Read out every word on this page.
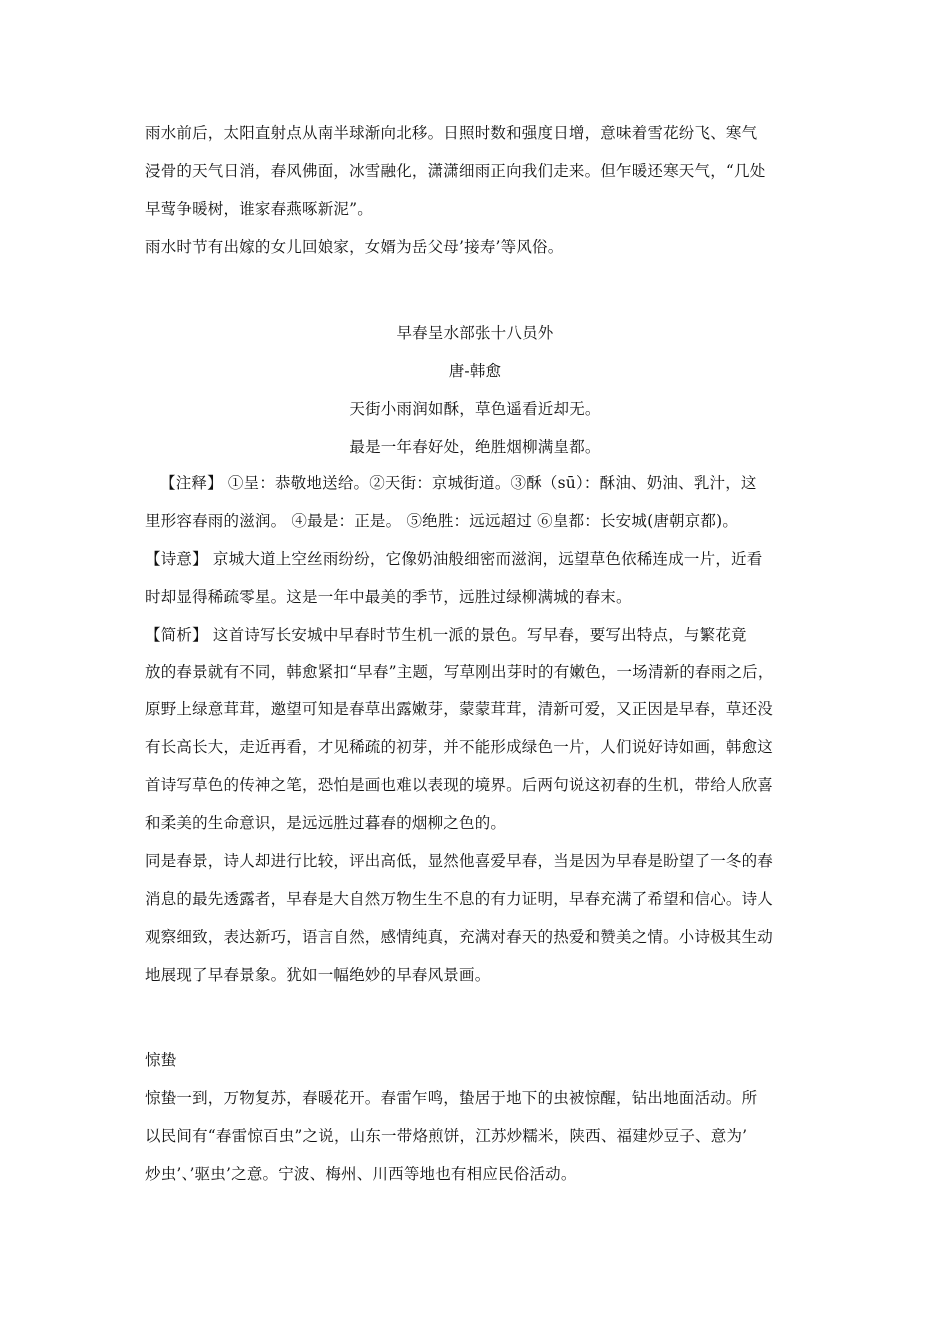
雨水前后，太阳直射点从南半球渐向北移。日照时数和强度日增，意味着雪花纷飞、寒气
浸骨的天气日消，春风佛面，冰雪融化，潇潇细雨正向我们走来。但乍暖还寒天气，“几处
早莺争暖树，谁家春燕啄新泥”。
雨水时节有出嫁的女儿回娘家，女婿为岳父母’接寿’等风俗。
早春呈水部张十八员外
唐-韩愈
天街小雨润如酥，草色遥看近却无。
最是一年春好处，绝胜烟柳满皇都。
【注释】 ①呈：恭敬地送给。②天街：京城街道。③酥（sū）：酥油、奶油、乳汁，这
里形容春雨的滋润。 ④最是：正是。 ⑤绝胜：远远超过 ⑥皇都：长安城(唐朝京都)。
【诗意】 京城大道上空丝雨纷纷，它像奶油般细密而滋润，远望草色依稀连成一片，近看
时却显得稀疏零星。这是一年中最美的季节，远胜过绿柳满城的春末。
【简析】 这首诗写长安城中早春时节生机一派的景色。写早春，要写出特点，与繁花竟
放的春景就有不同，韩愈紧扣“早春”主题，写草刚出芽时的有嫩色，一场清新的春雨之后，
原野上绿意茸茸，邀望可知是春草出露嫩芽，蒙蒙茸茸，清新可爱，又正因是早春，草还没
有长高长大，走近再看，才见稀疏的初芽，并不能形成绿色一片，人们说好诗如画，韩愈这
首诗写草色的传神之笔，恐怕是画也难以表现的境界。后两句说这初春的生机，带给人欣喜
和柔美的生命意识，是远远胜过暮春的烟柳之色的。
同是春景，诗人却进行比较，评出高低，显然他喜爱早春，当是因为早春是盼望了一冬的春
消息的最先透露者，早春是大自然万物生生不息的有力证明，早春充满了希望和信心。诗人
观察细致，表达新巧，语言自然，感情纯真，充满对春天的热爱和赞美之情。小诗极其生动
地展现了早春景象。犹如一幅绝妙的早春风景画。
惊蛰
惊蛰一到，万物复苏，春暖花开。春雷乍鸣，蛰居于地下的虫被惊醒，钻出地面活动。所
以民间有“春雷惊百虫”之说，山东一带烙煎饼，江苏炒糯米，陕西、福建炒豆子、意为’
炒虫’、’驱虫’之意。宁波、梅州、川西等地也有相应民俗活动。
